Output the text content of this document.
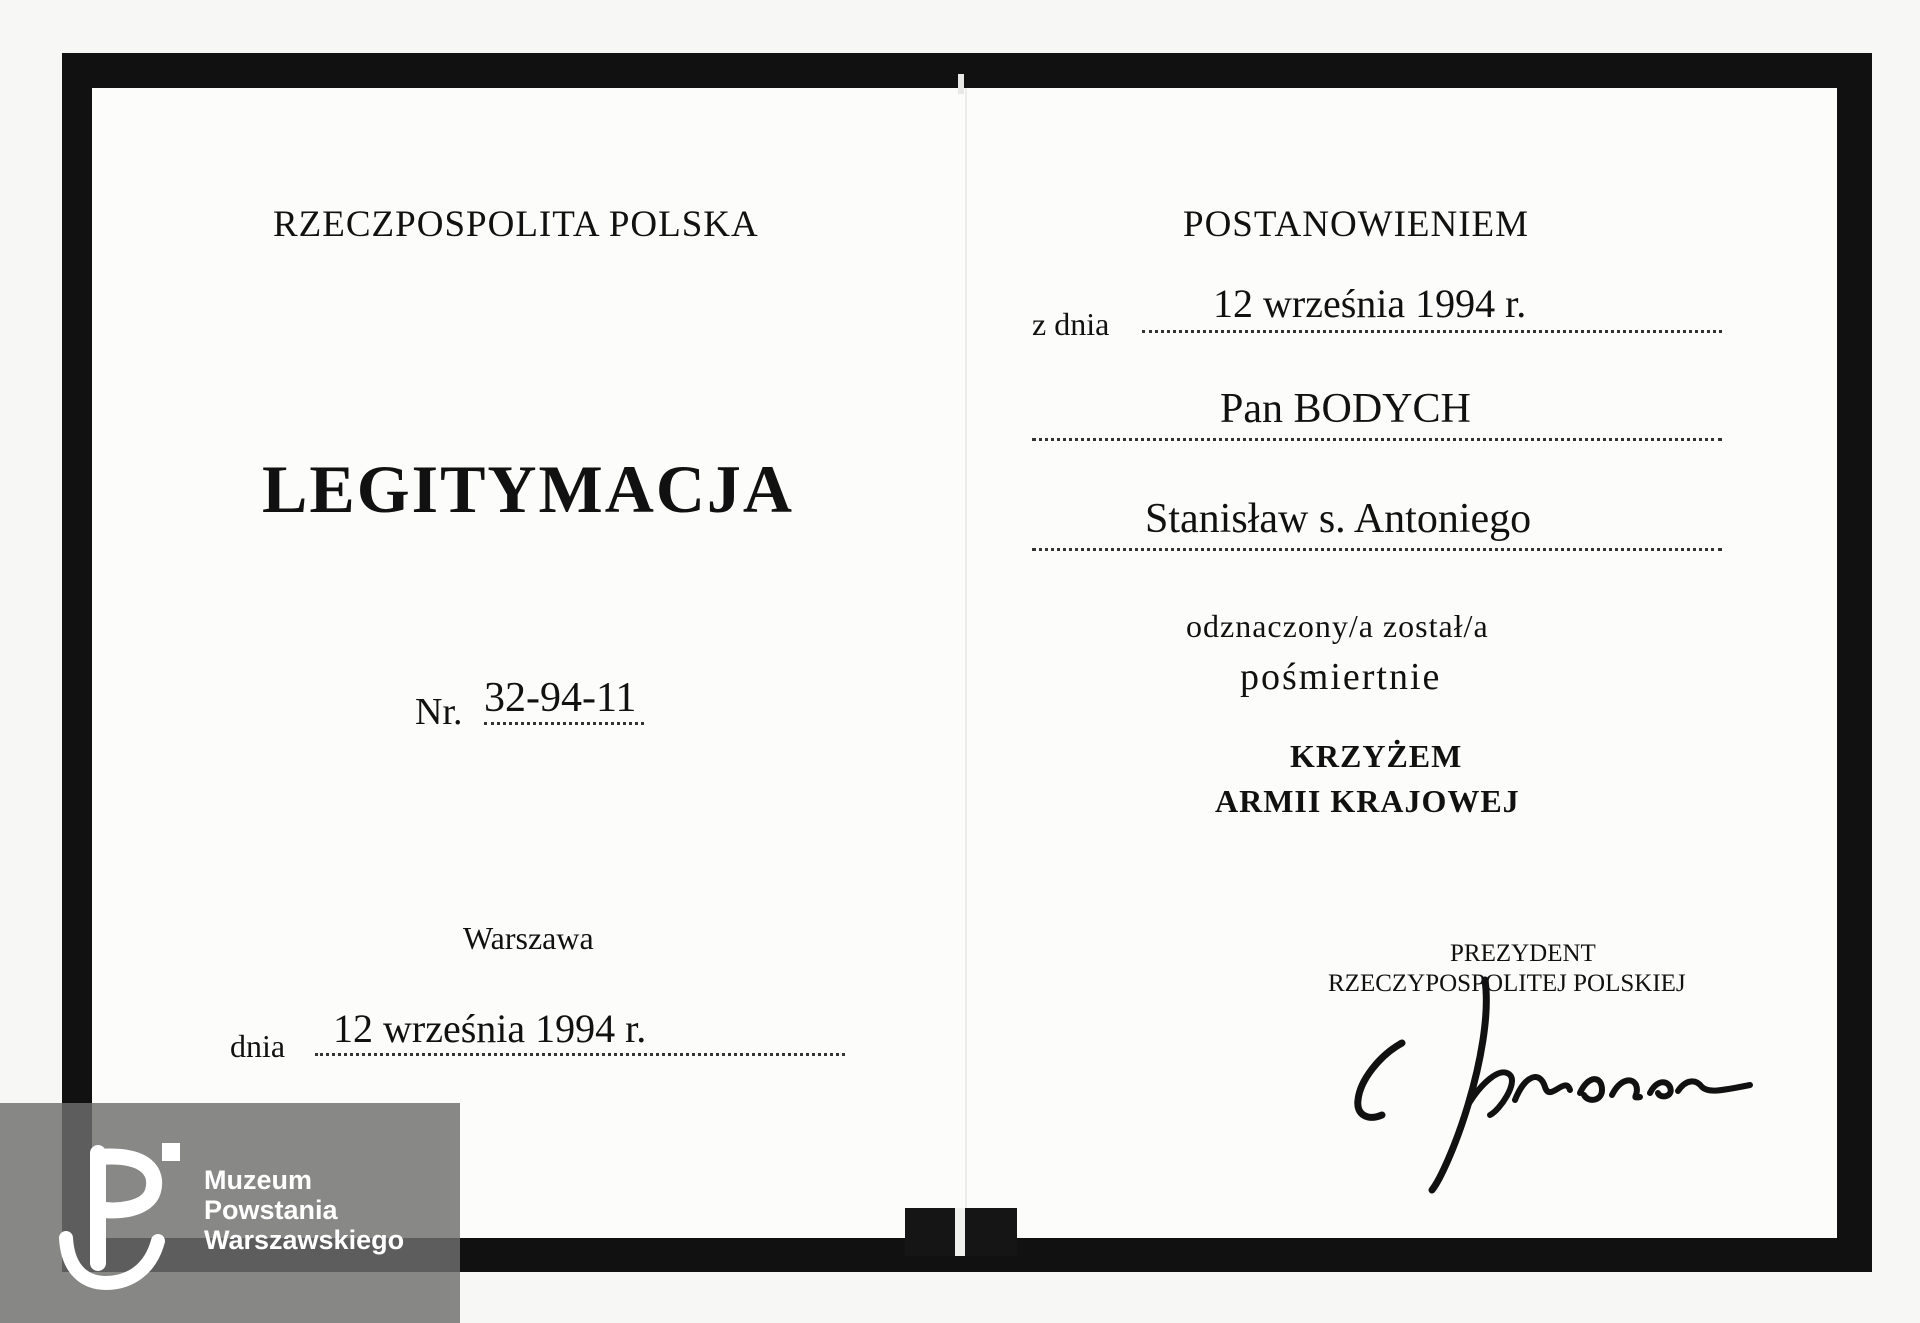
RZECZPOSPOLITA POLSKA
LEGITYMACJA
Nr. 32-94-11
Warszawa
dnia 12 września 1994 r.
POSTANOWIENIEM
z dnia	12 września 1994 r.
Pan BODYCH
Stanisław s. Antoniego
odznaczony/a został/a
pośmiertnie
KRZYŻEM
ARMII KRAJOWEJ
PREZYDENT
RZECZYPOSPOLITEJ POLSKIEJ
Muzeum
Powstania
Warszawskiego
